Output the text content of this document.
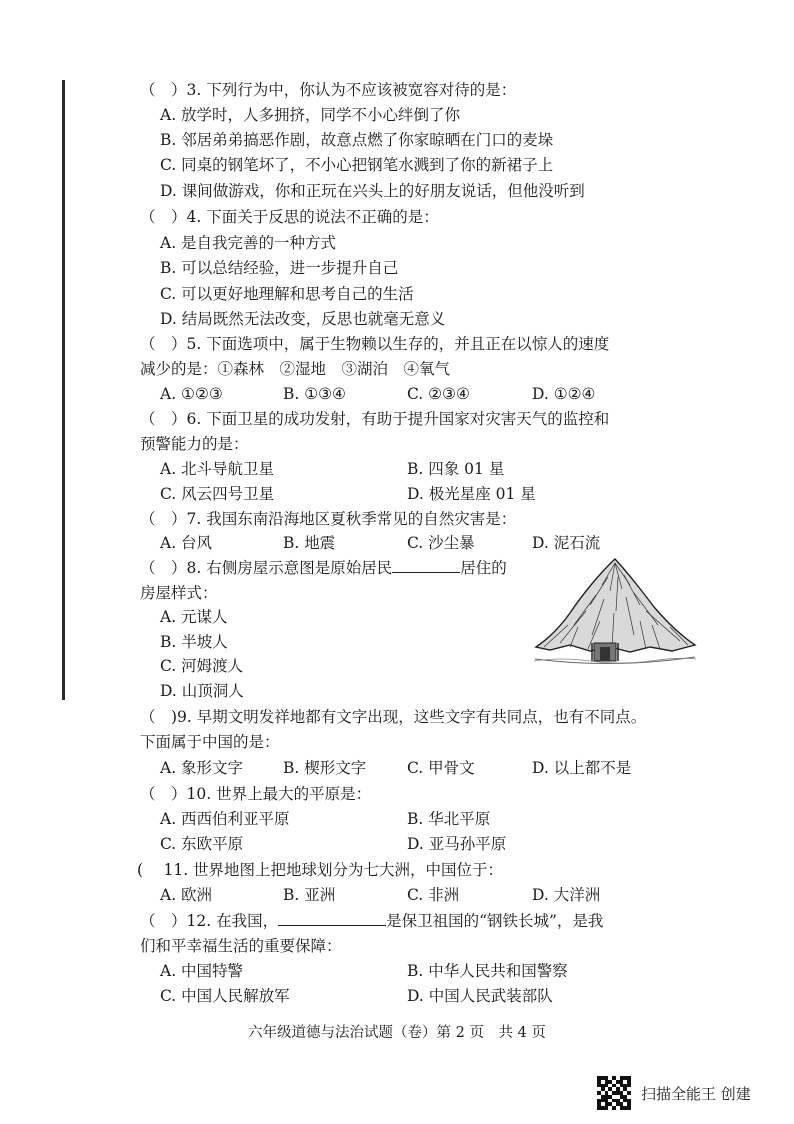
（　）3. 下列行为中，你认为不应该被宽容对待的是：
A. 放学时，人多拥挤，同学不小心绊倒了你
B. 邻居弟弟搞恶作剧，故意点燃了你家晾晒在门口的麦垛
C. 同桌的钢笔坏了，不小心把钢笔水溅到了你的新裙子上
D. 课间做游戏，你和正玩在兴头上的好朋友说话，但他没听到
（　）4. 下面关于反思的说法不正确的是：
A. 是自我完善的一种方式
B. 可以总结经验，进一步提升自己
C. 可以更好地理解和思考自己的生活
D. 结局既然无法改变，反思也就毫无意义
（　）5. 下面选项中，属于生物赖以生存的，并且正在以惊人的速度
减少的是：①森林　②湿地　③湖泊　④氧气
A. ①②③	B. ①③④	C. ②③④	D. ①②④
（　）6. 下面卫星的成功发射，有助于提升国家对灾害天气的监控和
预警能力的是：
A. 北斗导航卫星	B. 四象 01 星
C. 风云四号卫星	D. 极光星座 01 星
（　）7. 我国东南沿海地区夏秋季常见的自然灾害是：
A. 台风	B. 地震	C. 沙尘暴	D. 泥石流
（　）8. 右侧房屋示意图是原始居民	居住的
房屋样式：
A. 元谋人
B. 半坡人
C. 河姆渡人
D. 山顶洞人
（　)9. 早期文明发祥地都有文字出现，这些文字有共同点，也有不同点。
下面属于中国的是：
A. 象形文字	B. 楔形文字	C. 甲骨文	D. 以上都不是
（　）10. 世界上最大的平原是：
A. 西西伯利亚平原	B. 华北平原
C. 东欧平原	D. 亚马孙平原
(　 11. 世界地图上把地球划分为七大洲，中国位于：
A. 欧洲	B. 亚洲	C. 非洲	D. 大洋洲
（　）12. 在我国，	是保卫祖国的“钢铁长城”，是我
们和平幸福生活的重要保障：
A. 中国特警	B. 中华人民共和国警察
C. 中国人民解放军	D. 中国人民武装部队
六年级道德与法治试题（卷）第 2 页　共 4 页
扫描全能王 创建
